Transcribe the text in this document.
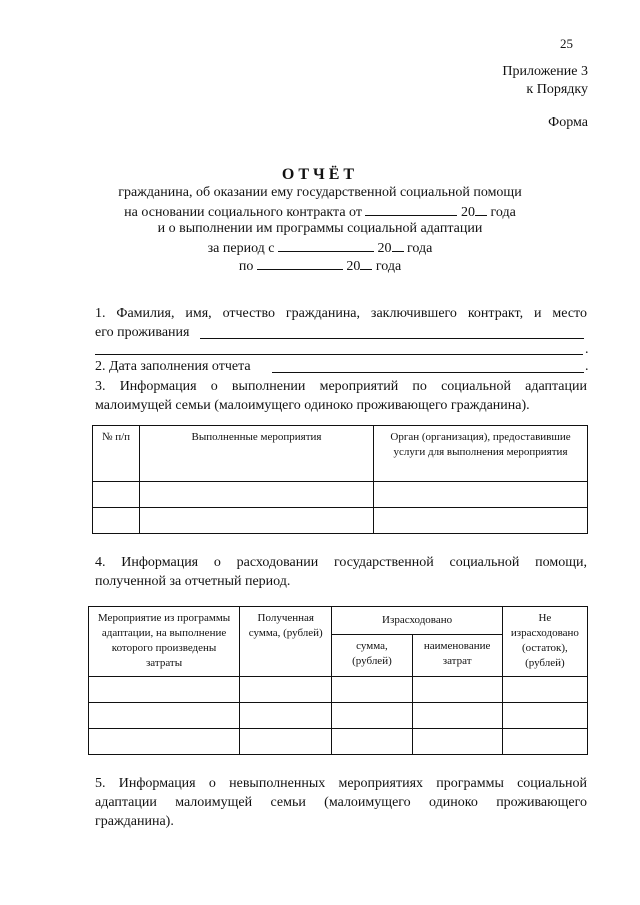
25
Приложение 3
к Порядку
Форма
ОТЧЁТ
гражданина, об оказании ему государственной социальной помощи
на основании социального контракта от	20 года
и о выполнении им программы социальной адаптации
за период с	20 года
по	20 года
1. Фамилия, имя, отчество гражданина, заключившего контракт, и место
его проживания
.
2. Дата заполнения отчета	.
3. Информация о выполнении мероприятий по социальной адаптации малоимущей семьи (малоимущего одиноко проживающего гражданина).
№ п/п	Выполненные мероприятия	Орган (организация), предоставившие услуги для выполнения мероприятия

4. Информация о расходовании государственной социальной помощи, полученной за отчетный период.
Мероприятие из программы адаптации, на выполнение которого произведены затраты	Полученная сумма, (рублей)	Израсходовано		Не израсходовано (остаток), (рублей)
		сумма, (рублей)	наименование затрат	

5. Информация о невыполненных мероприятиях программы социальной адаптации малоимущей семьи (малоимущего одиноко проживающего гражданина).
